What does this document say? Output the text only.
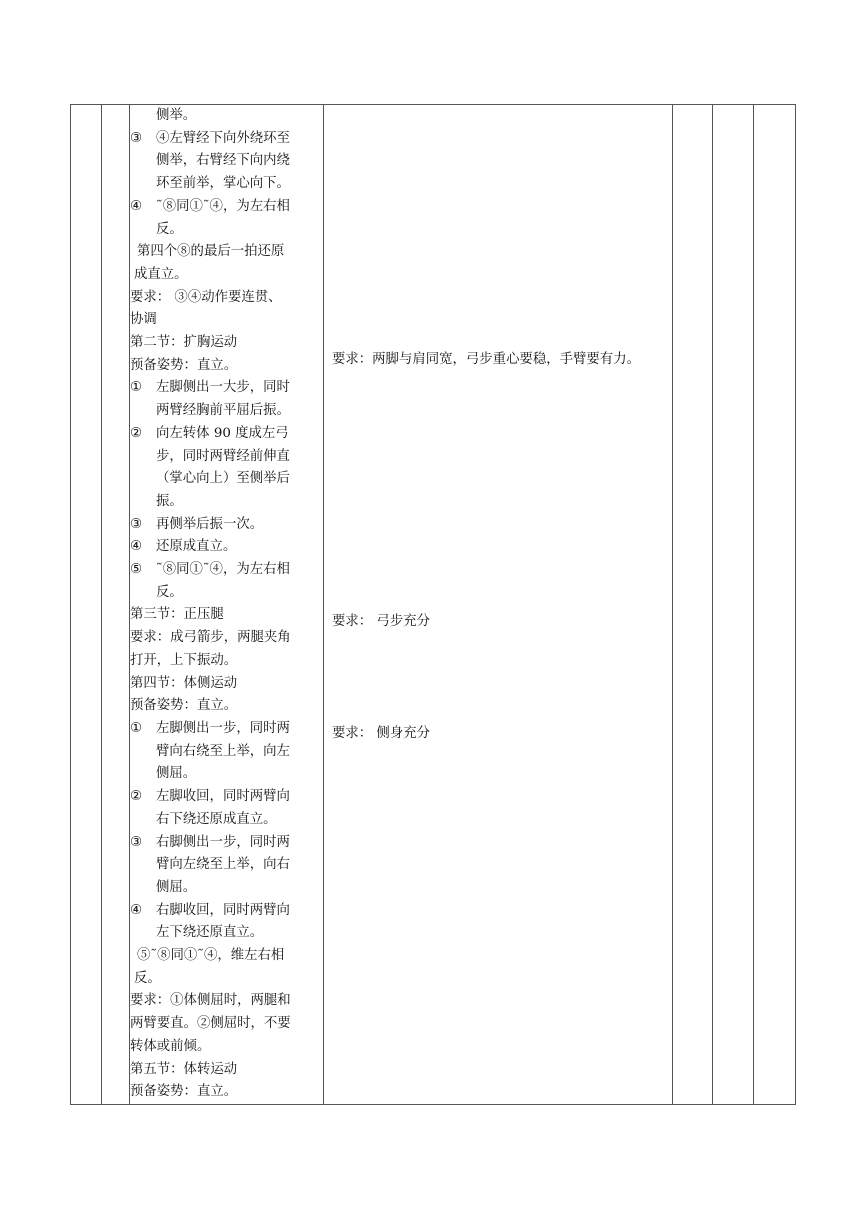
侧举。
③	④左臂经下向外绕环至
侧举，右臂经下向内绕
环至前举，掌心向下。
④	˜⑧同①˜④，为左右相
反。
第四个⑧的最后一拍还原
成直立。
要求： ③④动作要连贯、
协调
第二节：扩胸运动
预备姿势：直立。
①	左脚侧出一大步，同时
两臂经胸前平屈后振。
②	向左转体 90 度成左弓
步，同时两臂经前伸直
（掌心向上）至侧举后
振。
③	再侧举后振一次。
④	还原成直立。
⑤	˜⑧同①˜④，为左右相
反。
第三节：正压腿
要求：成弓箭步，两腿夹角
打开，上下振动。
第四节：体侧运动
预备姿势：直立。
①	左脚侧出一步，同时两
臂向右绕至上举，向左
侧屈。
②	左脚收回，同时两臂向
右下绕还原成直立。
③	右脚侧出一步，同时两
臂向左绕至上举，向右
侧屈。
④	右脚收回，同时两臂向
左下绕还原直立。
⑤˜⑧同①˜④，维左右相
反。
要求：①体侧屈时，两腿和
两臂要直。②侧屈时，不要
转体或前倾。
第五节：体转运动
预备姿势：直立。

要求：两脚与肩同宽，弓步重心要稳，手臂要有力。
要求： 弓步充分
要求： 侧身充分
